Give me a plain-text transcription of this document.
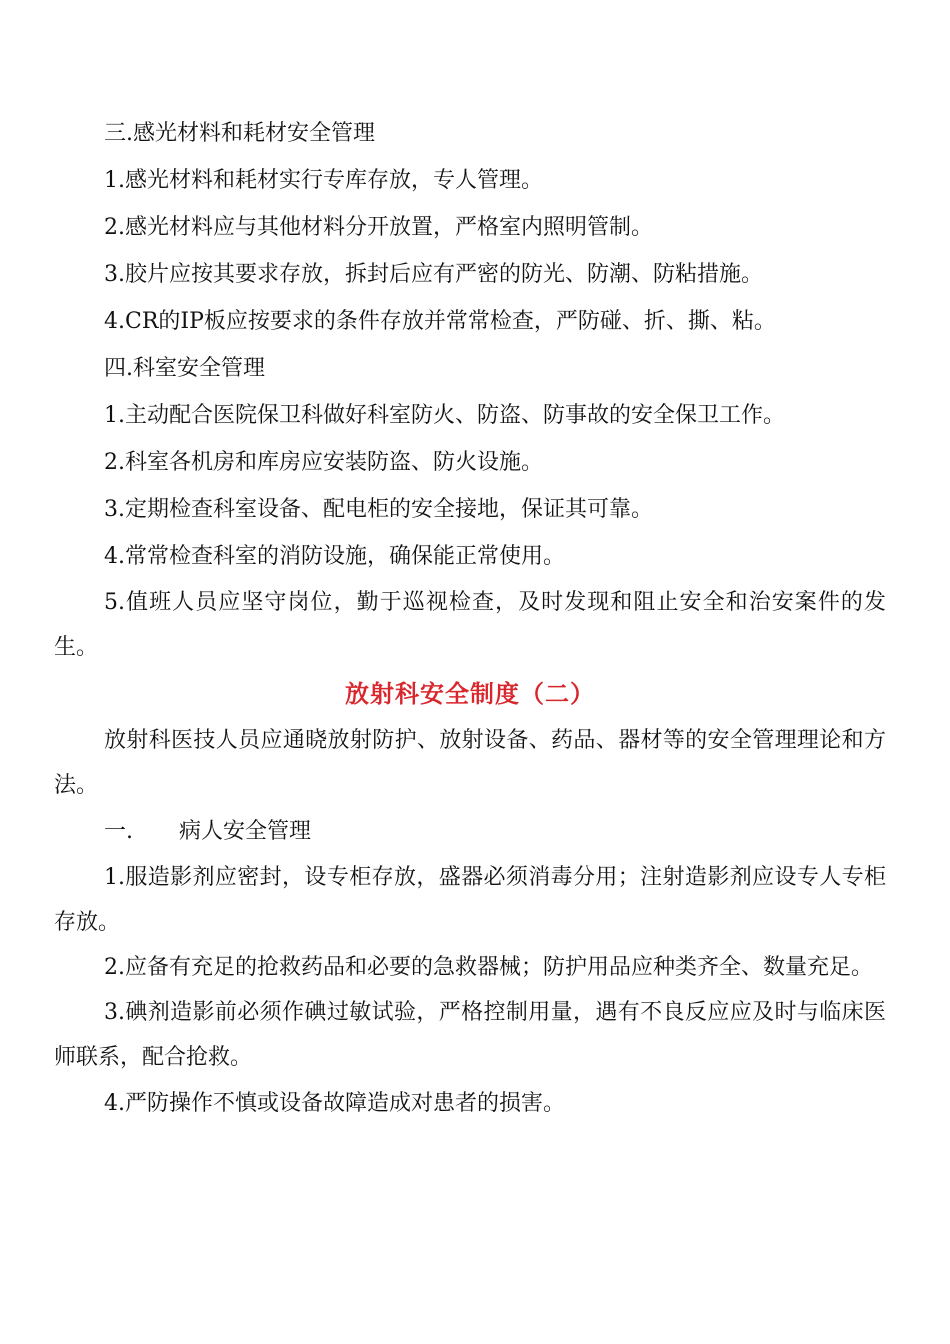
三.感光材料和耗材安全管理

1.感光材料和耗材实行专库存放，专人管理。

2.感光材料应与其他材料分开放置，严格室内照明管制。

3.胶片应按其要求存放，拆封后应有严密的防光、防潮、防粘措施。

4.CR的IP板应按要求的条件存放并常常检查，严防碰、折、撕、粘。

四.科室安全管理

1.主动配合医院保卫科做好科室防火、防盗、防事故的安全保卫工作。

2.科室各机房和库房应安装防盗、防火设施。

3.定期检查科室设备、配电柜的安全接地，保证其可靠。

4.常常检查科室的消防设施，确保能正常使用。

5.值班人员应坚守岗位，勤于巡视检查，及时发现和阻止安全和治安案件的发生。

放射科安全制度（二）

放射科医技人员应通晓放射防护、放射设备、药品、器材等的安全管理理论和方法。

一. 病人安全管理

1.服造影剂应密封，设专柜存放，盛器必须消毒分用；注射造影剂应设专人专柜存放。

2.应备有充足的抢救药品和必要的急救器械；防护用品应种类齐全、数量充足。

3.碘剂造影前必须作碘过敏试验，严格控制用量，遇有不良反应应及时与临床医师联系，配合抢救。

4.严防操作不慎或设备故障造成对患者的损害。
